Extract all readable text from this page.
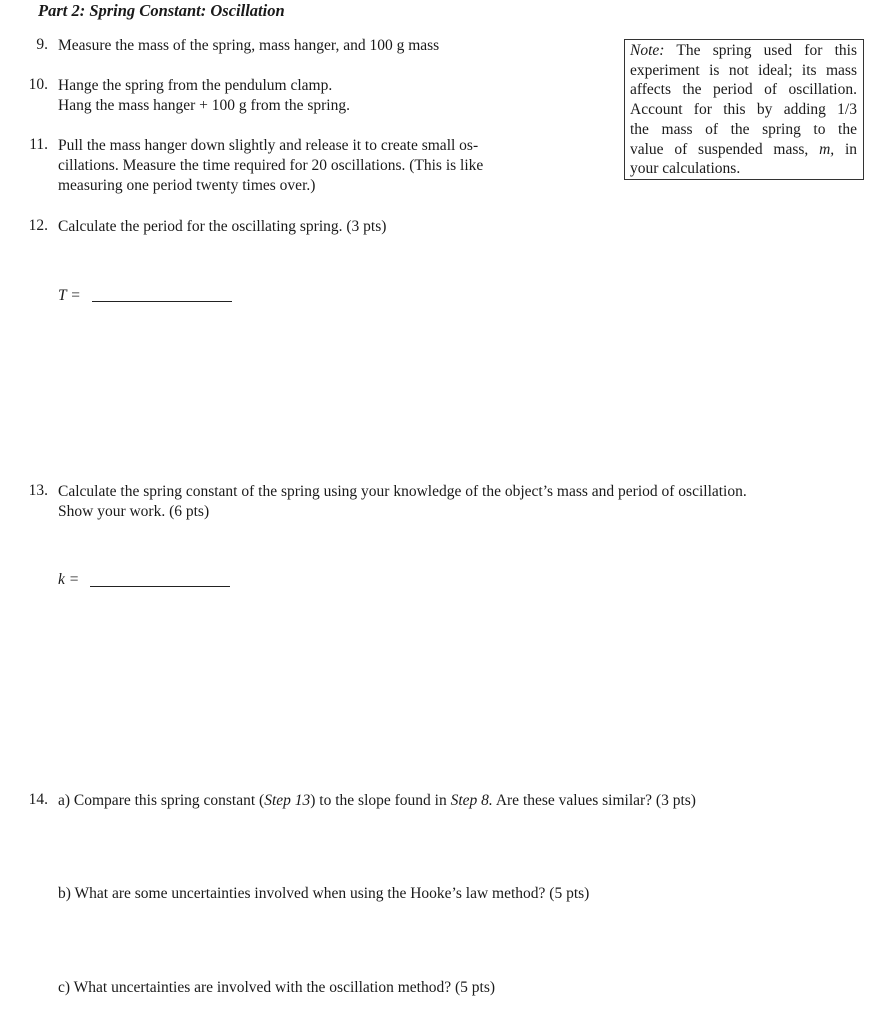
Part 2: Spring Constant: Oscillation
9. Measure the mass of the spring, mass hanger, and 100 g mass
10. Hange the spring from the pendulum clamp.
Hang the mass hanger + 100 g from the spring.
11. Pull the mass hanger down slightly and release it to create small os-
cillations. Measure the time required for 20 oscillations. (This is like
measuring one period twenty times over.)
Note: The spring used for this
experiment is not ideal; its mass
affects the period of oscillation.
Account for this by adding 1/3
the mass of the spring to the
value of suspended mass, m, in
your calculations.
12. Calculate the period for the oscillating spring. (3 pts)
T =
13. Calculate the spring constant of the spring using your knowledge of the object’s mass and period of oscillation.
Show your work. (6 pts)
k =
14. a) Compare this spring constant (Step 13) to the slope found in Step 8. Are these values similar? (3 pts)
b) What are some uncertainties involved when using the Hooke’s law method? (5 pts)
c) What uncertainties are involved with the oscillation method? (5 pts)
